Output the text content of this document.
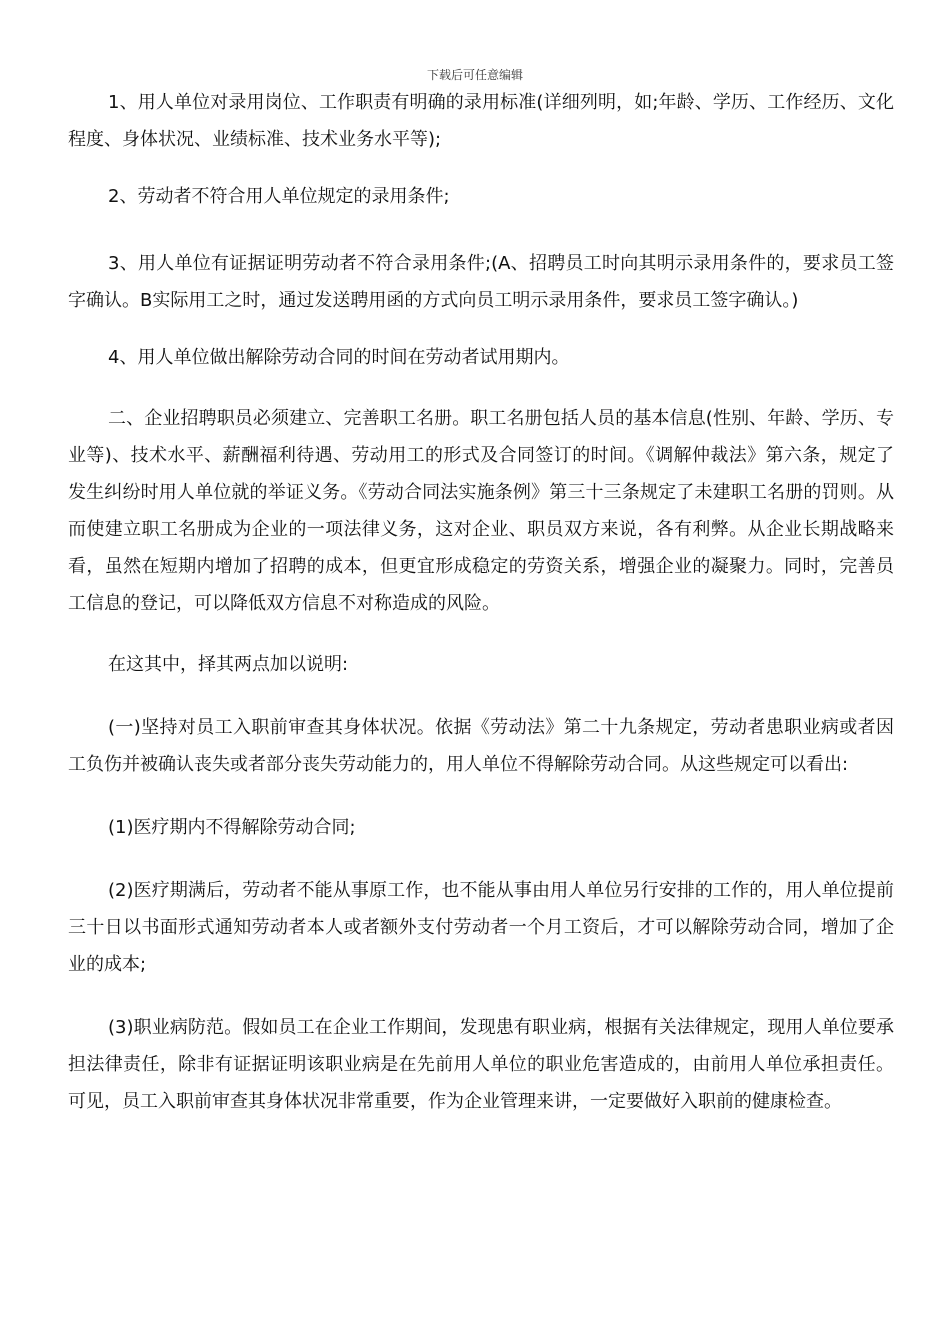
下载后可任意编辑

1、用人单位对录用岗位、工作职责有明确的录用标准(详细列明，如;年龄、学历、工作经历、文化程度、身体状况、业绩标准、技术业务水平等);

2、劳动者不符合用人单位规定的录用条件;

3、用人单位有证据证明劳动者不符合录用条件;(A、招聘员工时向其明示录用条件的，要求员工签字确认。B实际用工之时，通过发送聘用函的方式向员工明示录用条件，要求员工签字确认。)

4、用人单位做出解除劳动合同的时间在劳动者试用期内。

二、企业招聘职员必须建立、完善职工名册。职工名册包括人员的基本信息(性别、年龄、学历、专业等)、技术水平、薪酬福利待遇、劳动用工的形式及合同签订的时间。《调解仲裁法》第六条，规定了发生纠纷时用人单位就的举证义务。《劳动合同法实施条例》第三十三条规定了未建职工名册的罚则。从而使建立职工名册成为企业的一项法律义务，这对企业、职员双方来说，各有利弊。从企业长期战略来看，虽然在短期内增加了招聘的成本，但更宜形成稳定的劳资关系，增强企业的凝聚力。同时，完善员工信息的登记，可以降低双方信息不对称造成的风险。

在这其中，择其两点加以说明:

(一)坚持对员工入职前审查其身体状况。依据《劳动法》第二十九条规定，劳动者患职业病或者因工负伤并被确认丧失或者部分丧失劳动能力的，用人单位不得解除劳动合同。从这些规定可以看出:

(1)医疗期内不得解除劳动合同;

(2)医疗期满后，劳动者不能从事原工作，也不能从事由用人单位另行安排的工作的，用人单位提前三十日以书面形式通知劳动者本人或者额外支付劳动者一个月工资后，才可以解除劳动合同，增加了企业的成本;

(3)职业病防范。假如员工在企业工作期间，发现患有职业病，根据有关法律规定，现用人单位要承担法律责任，除非有证据证明该职业病是在先前用人单位的职业危害造成的，由前用人单位承担责任。可见，员工入职前审查其身体状况非常重要，作为企业管理来讲，一定要做好入职前的健康检查。
